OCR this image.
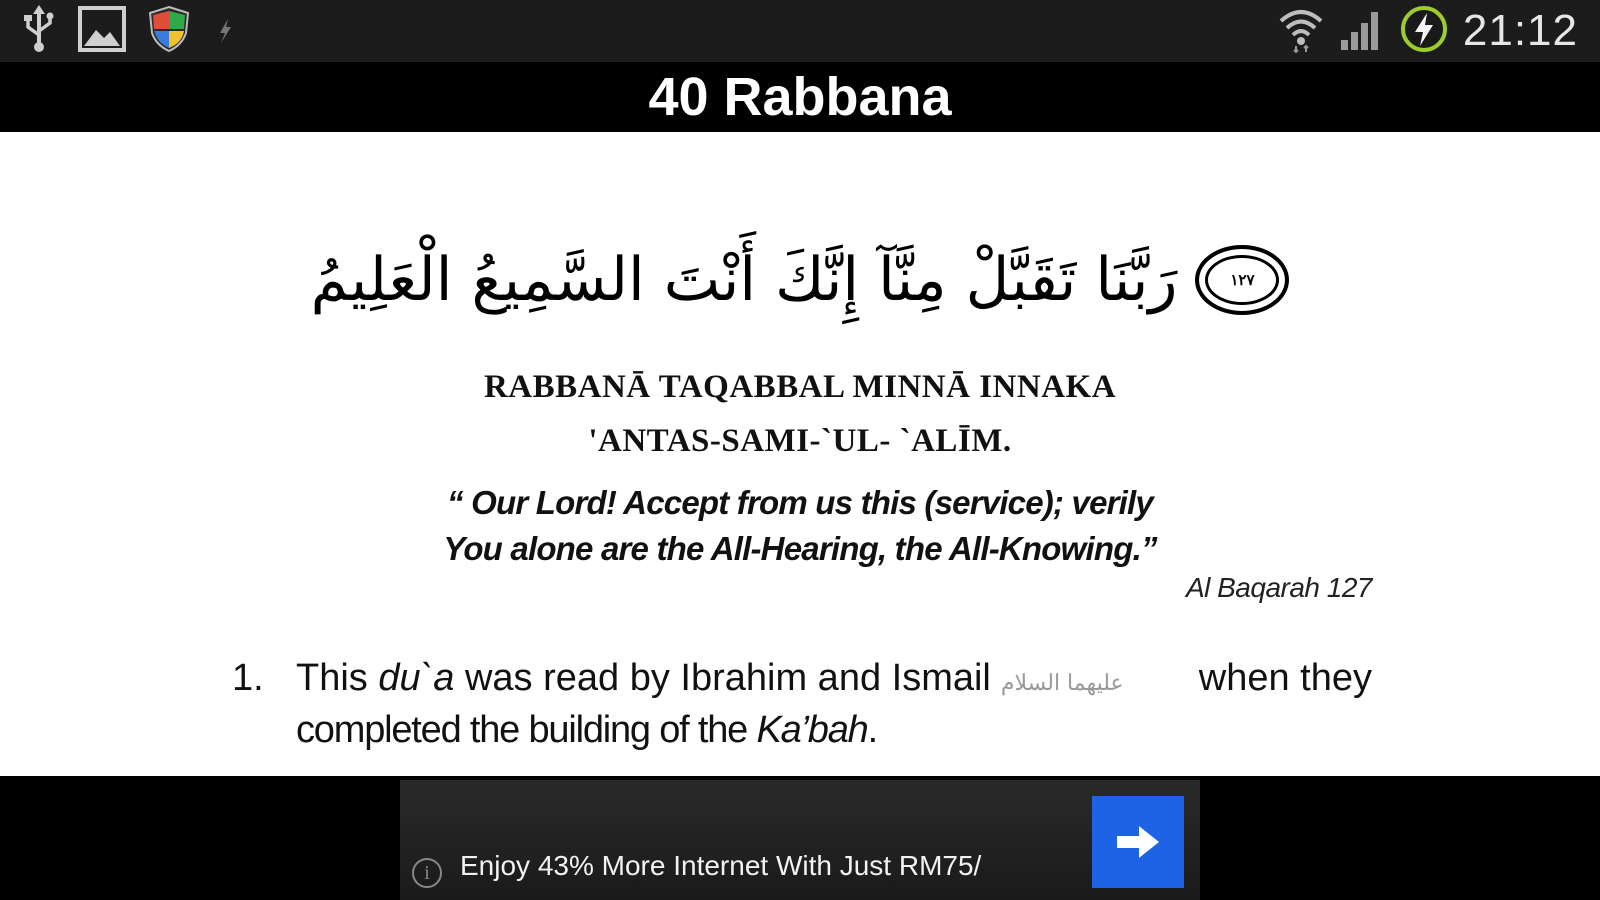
21:12
40 Rabbana
رَبَّنَا تَقَبَّلْ مِنَّآ إِنَّكَ أَنْتَ السَّمِيعُ الْعَلِيمُ	١٢٧
RABBANĀ TAQABBAL MINNĀ INNAKA
'ANTAS-SAMI-`UL- `ALĪM.
“ Our Lord! Accept from us this (service); verily
You alone are the All-Hearing, the All-Knowing.”
Al Baqarah 127
1. This du`a was read by Ibrahim and Ismail عليهما السلام	when they
completed the building of the Ka’bah.
i	Enjoy 43% More Internet With Just RM75/
